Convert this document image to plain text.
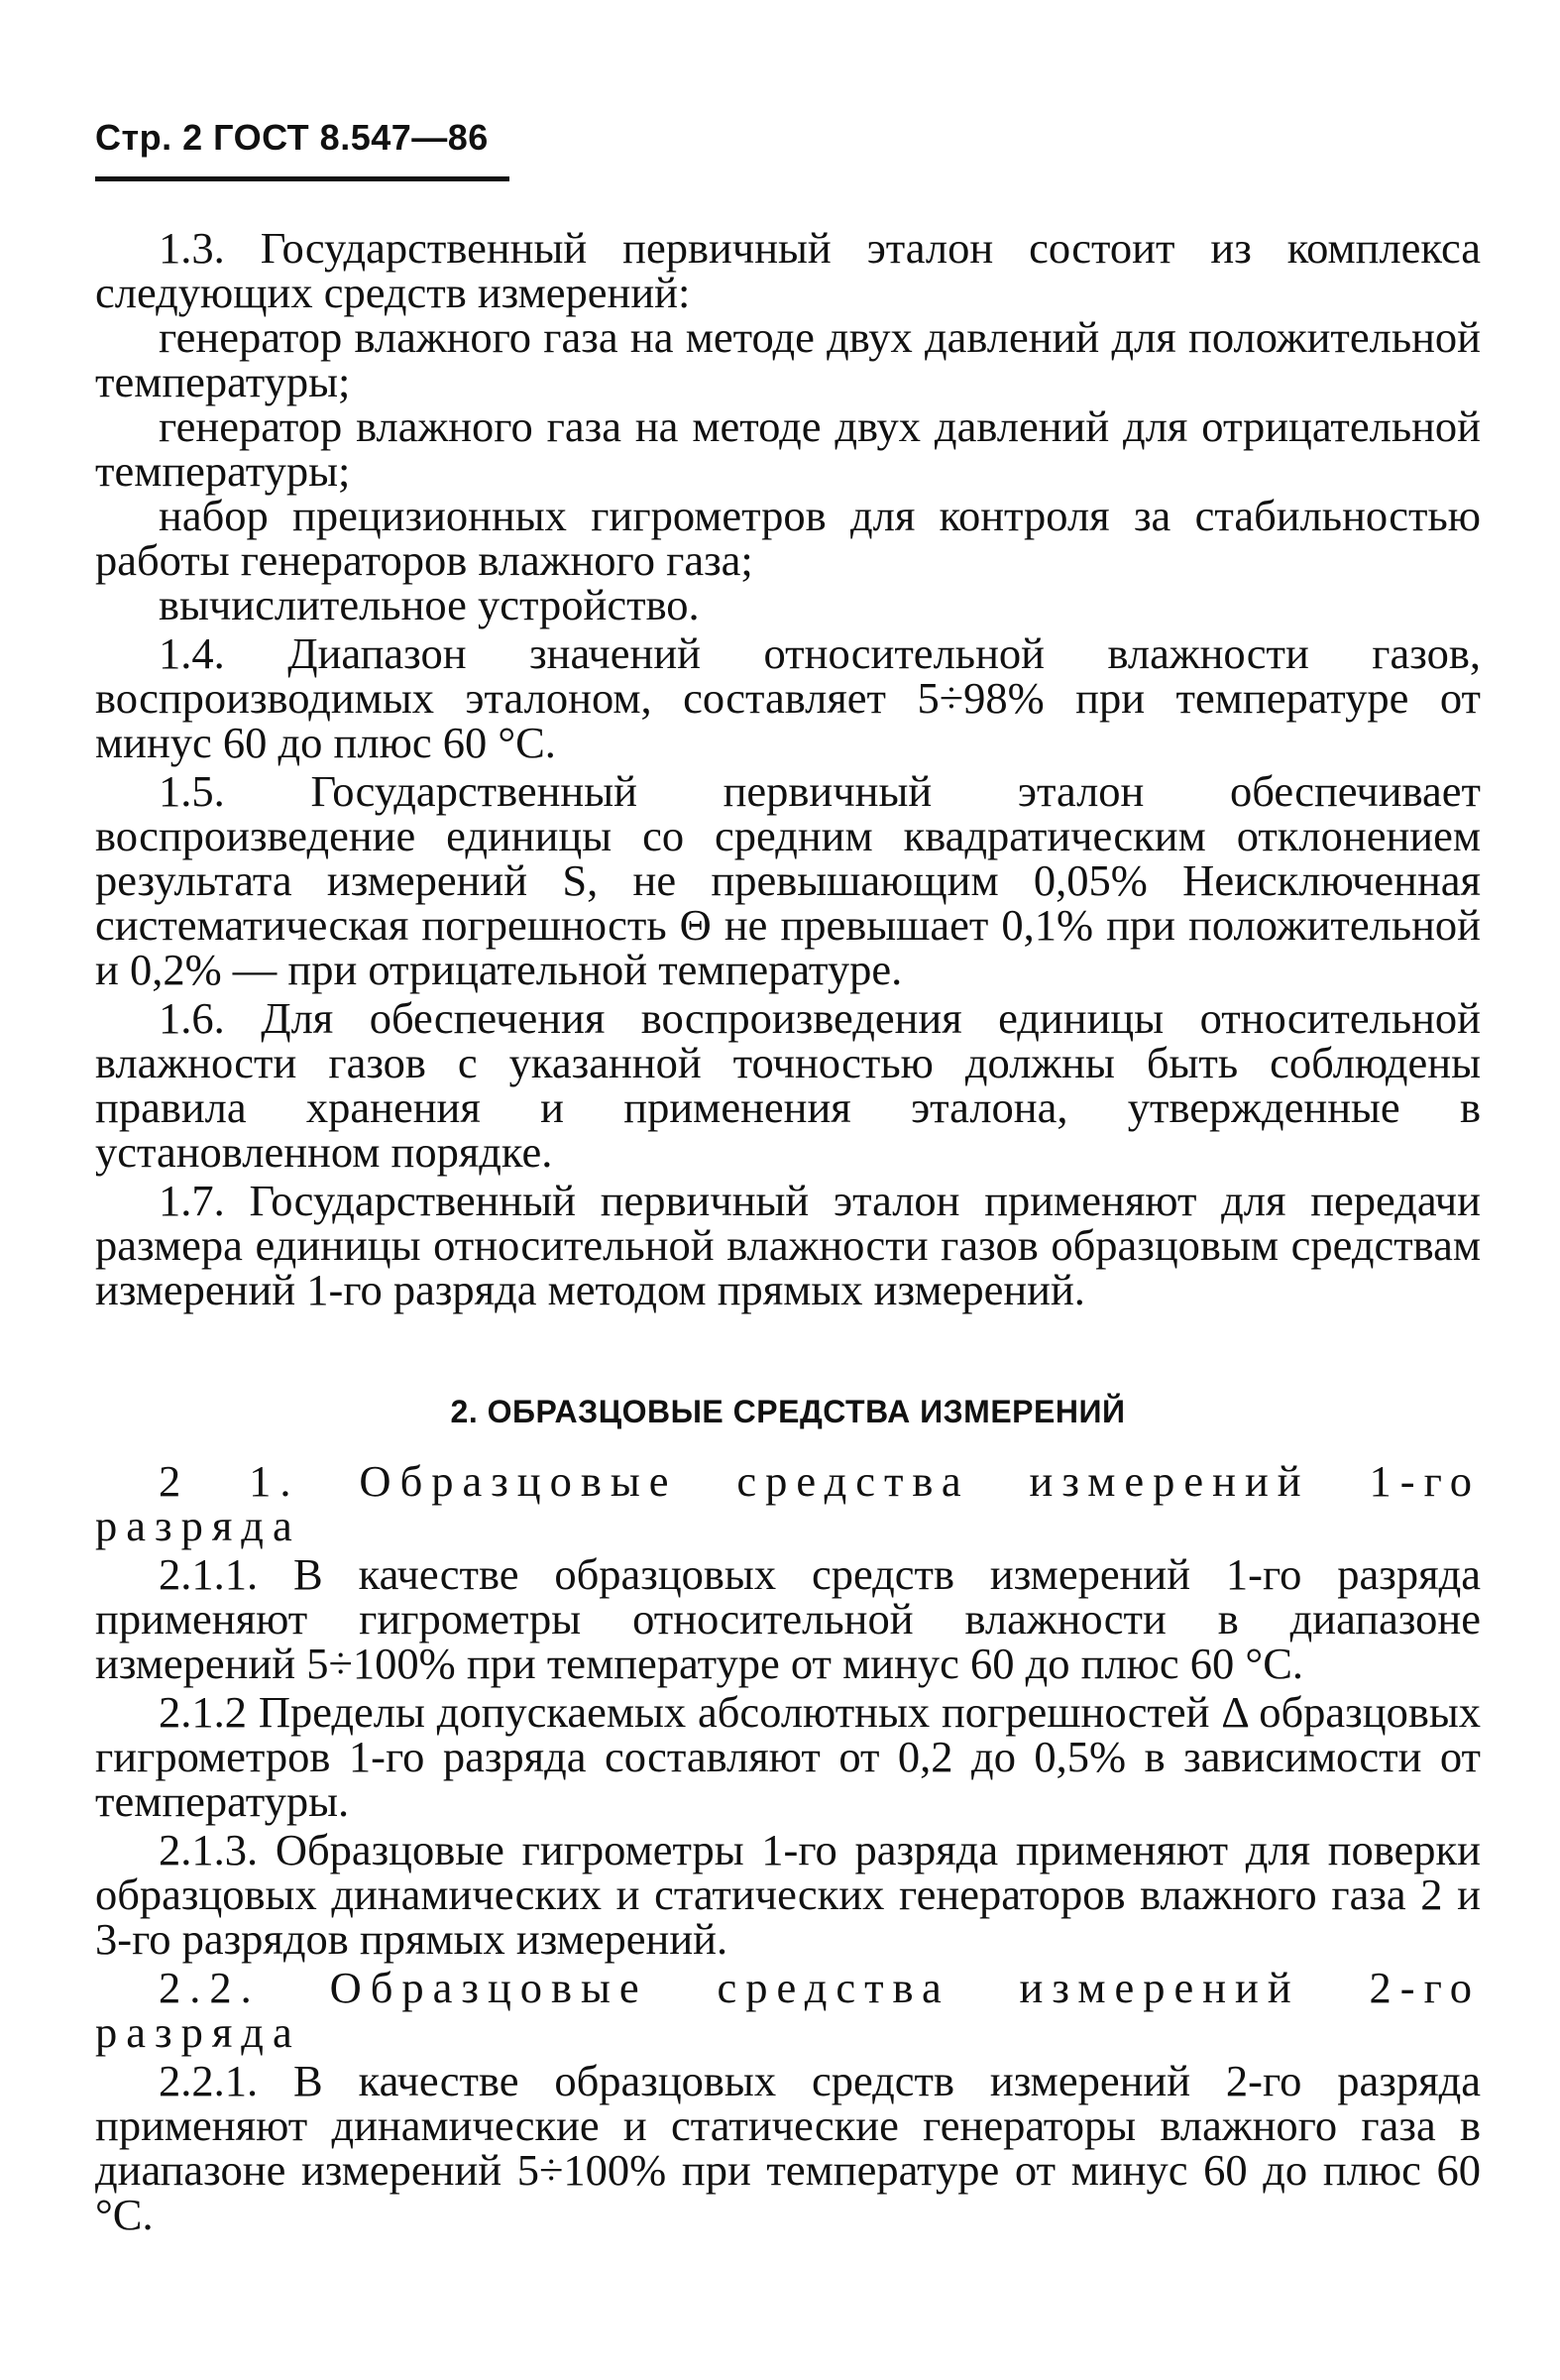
Стр. 2 ГОСТ 8.547—86

1.3. Государственный первичный эталон состоит из комплекса следующих средств измерений:

генератор влажного газа на методе двух давлений для положительной температуры;

генератор влажного газа на методе двух давлений для отрицательной температуры;

набор прецизионных гигрометров для контроля за стабильностью работы генераторов влажного газа;

вычислительное устройство.

1.4. Диапазон значений относительной влажности газов, воспроизводимых эталоном, составляет 5÷98% при температуре от минус 60 до плюс 60 °С.

1.5. Государственный первичный эталон обеспечивает воспроизведение единицы со средним квадратическим отклонением результата измерений S, не превышающим 0,05% Неисключенная систематическая погрешность Θ не превышает 0,1% при положительной и 0,2% — при отрицательной температуре.

1.6. Для обеспечения воспроизведения единицы относительной влажности газов с указанной точностью должны быть соблюдены правила хранения и применения эталона, утвержденные в установленном порядке.

1.7. Государственный первичный эталон применяют для передачи размера единицы относительной влажности газов образцовым средствам измерений 1-го разряда методом прямых измерений.

2. ОБРАЗЦОВЫЕ СРЕДСТВА ИЗМЕРЕНИЙ

2 1. Образцовые средства измерений 1-го разряда

2.1.1. В качестве образцовых средств измерений 1-го разряда применяют гигрометры относительной влажности в диапазоне измерений 5÷100% при температуре от минус 60 до плюс 60 °С.

2.1.2 Пределы допускаемых абсолютных погрешностей Δ образцовых гигрометров 1-го разряда составляют от 0,2 до 0,5% в зависимости от температуры.

2.1.3. Образцовые гигрометры 1-го разряда применяют для поверки образцовых динамических и статических генераторов влажного газа 2 и 3-го разрядов прямых измерений.

2.2. Образцовые средства измерений 2-го разряда

2.2.1. В качестве образцовых средств измерений 2-го разряда применяют динамические и статические генераторы влажного газа в диапазоне измерений 5÷100% при температуре от минус 60 до плюс 60 °С.
